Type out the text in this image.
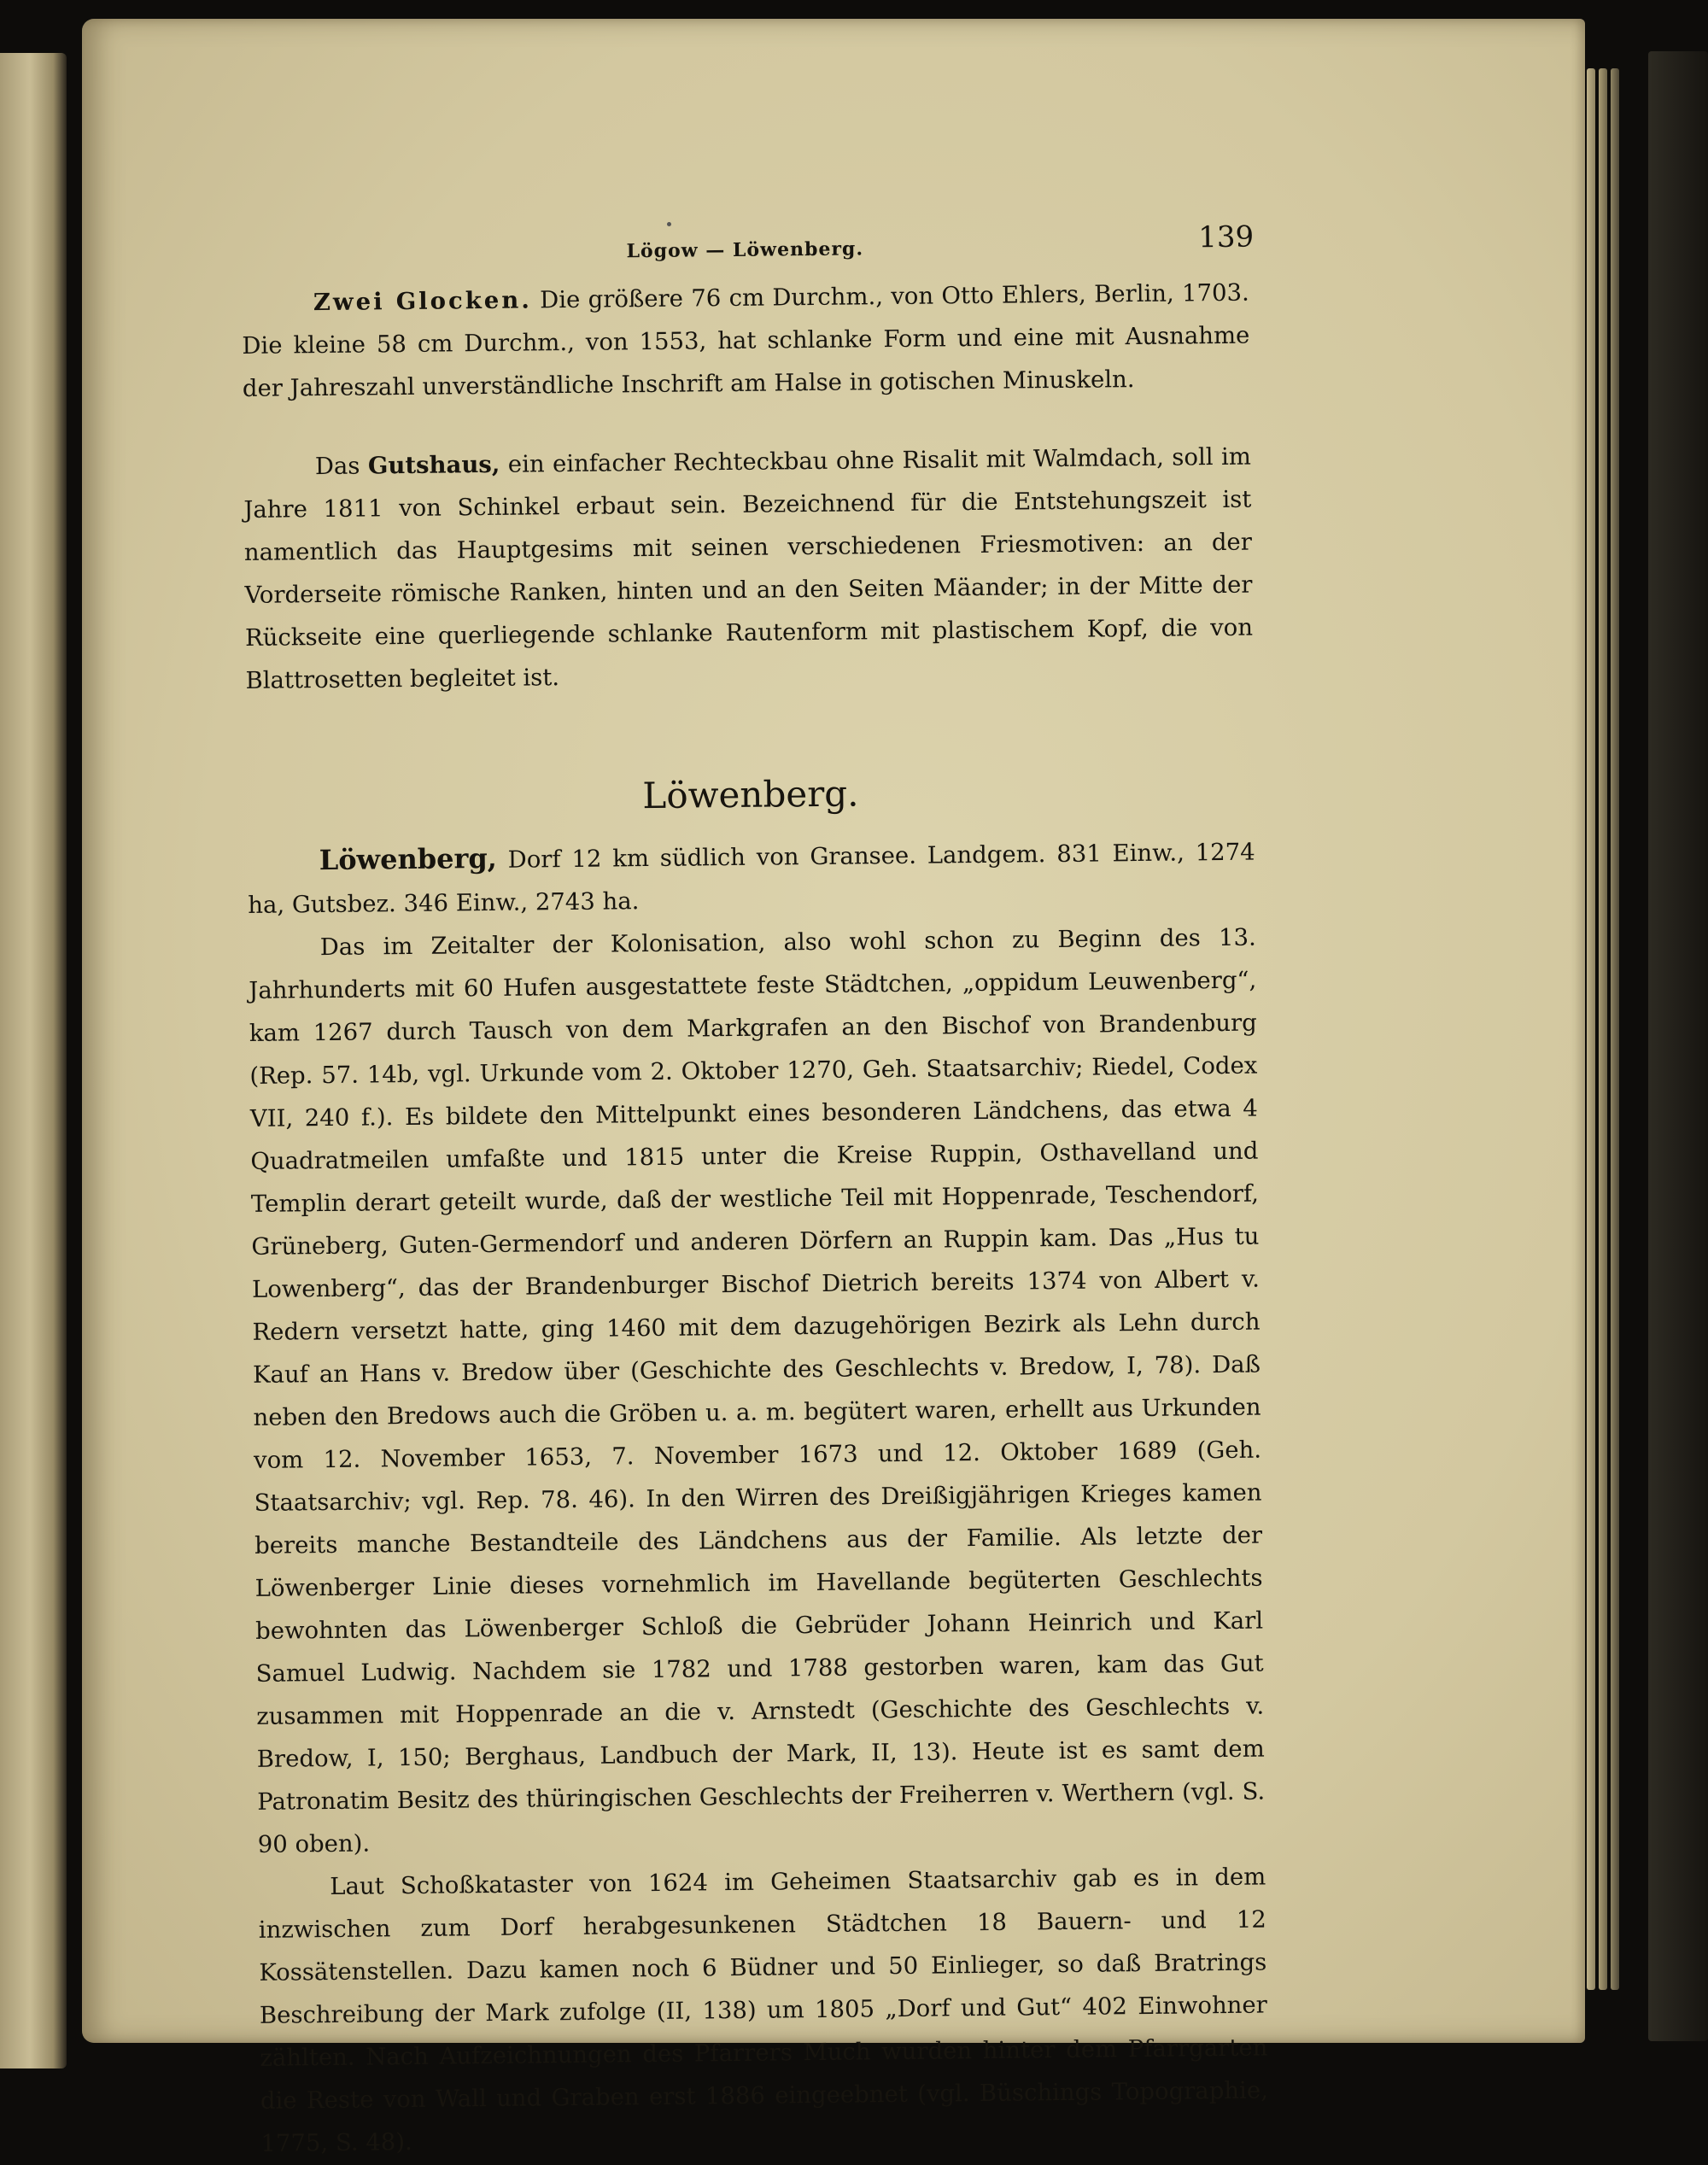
Lögow — Löwenberg.	139

Zwei Glocken. Die größere 76 cm Durchm., von Otto Ehlers, Berlin, 1703. Die kleine 58 cm Durchm., von 1553, hat schlanke Form und eine mit Ausnahme der Jahreszahl unverständliche Inschrift am Halse in gotischen Minuskeln.

Das Gutshaus, ein einfacher Rechteckbau ohne Risalit mit Walmdach, soll im Jahre 1811 von Schinkel erbaut sein. Bezeichnend für die Entstehungszeit ist namentlich das Hauptgesims mit seinen verschiedenen Friesmotiven: an der Vorderseite römische Ranken, hinten und an den Seiten Mäander; in der Mitte der Rückseite eine querliegende schlanke Rautenform mit plastischem Kopf, die von Blattrosetten begleitet ist.

Löwenberg.

Löwenberg, Dorf 12 km südlich von Gransee. Landgem. 831 Einw., 1274 ha, Gutsbez. 346 Einw., 2743 ha.

Das im Zeitalter der Kolonisation, also wohl schon zu Beginn des 13. Jahrhunderts mit 60 Hufen ausgestattete feste Städtchen, „oppidum Leuwenberg“, kam 1267 durch Tausch von dem Markgrafen an den Bischof von Brandenburg (Rep. 57. 14b, vgl. Urkunde vom 2. Oktober 1270, Geh. Staatsarchiv; Riedel, Codex VII, 240 f.). Es bildete den Mittelpunkt eines besonderen Ländchens, das etwa 4 Quadratmeilen umfaßte und 1815 unter die Kreise Ruppin, Osthavelland und Templin derart geteilt wurde, daß der westliche Teil mit Hoppenrade, Teschendorf, Grüneberg, Guten-Germendorf und anderen Dörfern an Ruppin kam. Das „Hus tu Lowenberg“, das der Brandenburger Bischof Dietrich bereits 1374 von Albert v. Redern versetzt hatte, ging 1460 mit dem dazugehörigen Bezirk als Lehn durch Kauf an Hans v. Bredow über (Geschichte des Geschlechts v. Bredow, I, 78). Daß neben den Bredows auch die Gröben u. a. m. begütert waren, erhellt aus Urkunden vom 12. November 1653, 7. November 1673 und 12. Oktober 1689 (Geh. Staatsarchiv; vgl. Rep. 78. 46). In den Wirren des Dreißigjährigen Krieges kamen bereits manche Bestandteile des Ländchens aus der Familie. Als letzte der Löwenberger Linie dieses vornehmlich im Havellande begüterten Geschlechts bewohnten das Löwenberger Schloß die Gebrüder Johann Heinrich und Karl Samuel Ludwig. Nachdem sie 1782 und 1788 gestorben waren, kam das Gut zusammen mit Hoppenrade an die v. Arnstedt (Geschichte des Geschlechts v. Bredow, I, 150; Berghaus, Landbuch der Mark, II, 13). Heute ist es samt dem Patronatim Besitz des thüringischen Geschlechts der Freiherren v. Werthern (vgl. S. 90 oben).

Laut Schoßkataster von 1624 im Geheimen Staatsarchiv gab es in dem inzwischen zum Dorf herabgesunkenen Städtchen 18 Bauern- und 12 Kossätenstellen. Dazu kamen noch 6 Büdner und 50 Einlieger, so daß Bratrings Beschreibung der Mark zufolge (II, 138) um 1805 „Dorf und Gut“ 402 Einwohner zählten. Nach Aufzeichnungen des Pfarrers Much wurden hinter dem Pfarrgarten die Reste von Wall und Graben erst 1886 eingeebnet (vgl. Büschings Topographie, 1775, S. 48).
